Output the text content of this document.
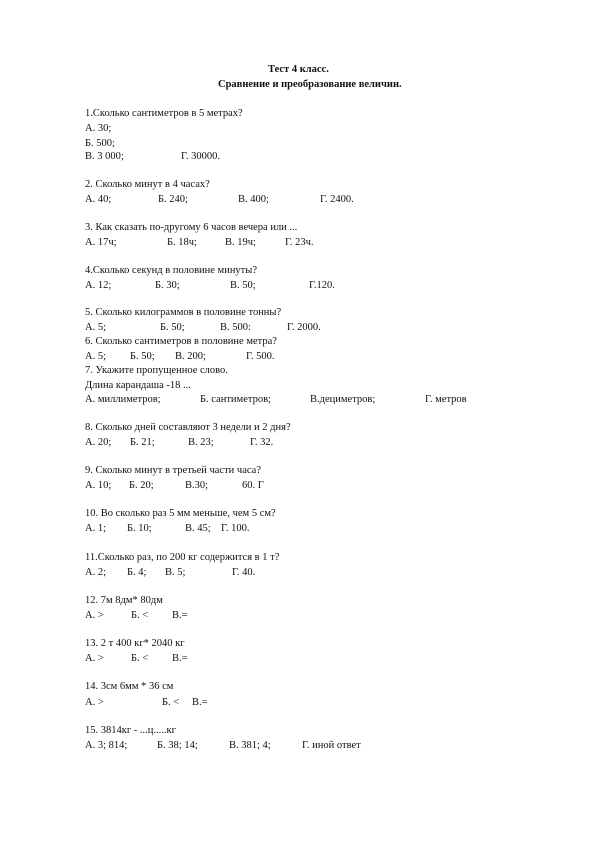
Тест 4 класс.
Сравнение и преобразование величин.
1.Сколько сантиметров в 5 метрах?
А. 30;
Б. 500;
В. 3 000;	Г. 30000.
2. Сколько минут в 4 часах?
А. 40;	Б. 240;	В. 400;	Г. 2400.
3. Как сказать по-другому 6 часов вечера или ...
А. 17ч;	Б. 18ч;	В. 19ч;	Г. 23ч.
4.Сколько секунд в половине минуты?
А. 12;	Б. 30;	В. 50;	Г.120.
5. Сколько килограммов в половине тонны?
А. 5;	Б. 50;	В. 500:	Г. 2000.
6. Сколько сантиметров в половине метра?
А. 5; Б. 50; В. 200;	Г. 500.
7. Укажите пропущенное слово.
Длина карандаша -18 ...
А. миллиметров;	Б. сантиметров;	В.дециметров;	Г. метров
8. Сколько дней составляют 3 недели и 2 дня?
А. 20; Б. 21;	В. 23;	Г. 32.
9. Сколько минут в третьей части часа?
А. 10; Б. 20;	В.30;	60. Г
10. Во сколько раз 5 мм меньше, чем 5 см?
А. 1; Б. 10;	В. 45; Г. 100.
11.Сколько раз, по 200 кг содержится в 1 т?
А. 2; Б. 4; В. 5;	Г. 40.
12. 7м 8дм* 80дм
А. >	Б. < В.=
13. 2 т 400 кг* 2040 кг
А. >	Б. < В.=
14. 3см 6мм * 36 см
А. >	Б. < В.=
15. 3814кг - ...ц.....кг
А. 3; 814;	Б. 38; 14;	В. 381; 4;	Г. иной ответ
